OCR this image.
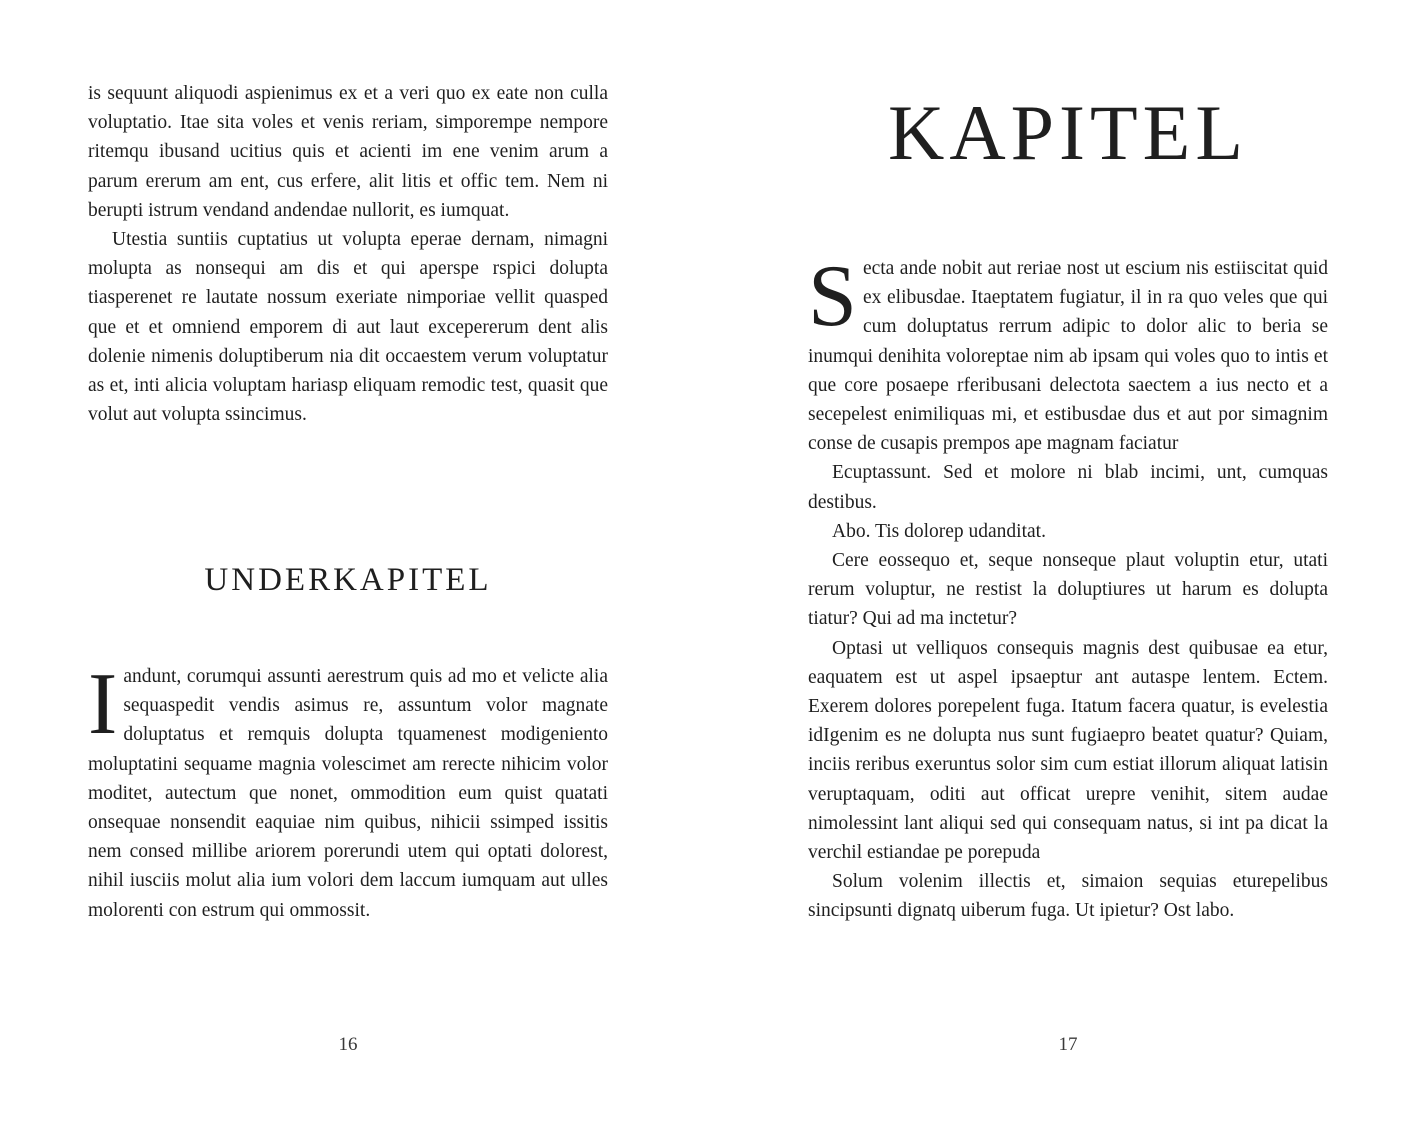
is sequunt aliquodi aspienimus ex et a veri quo ex eate non culla voluptatio. Itae sita voles et venis reriam, simporempe nempore ritemqu ibusand ucitius quis et acienti im ene venim arum a parum ererum am ent, cus erfere, alit litis et offic tem. Nem ni berupti istrum vendand andendae nullorit, es iumquat.

Utestia suntiis cuptatius ut volupta eperae dernam, nimagni molupta as nonsequi am dis et qui aperspe rspici dolupta tiasperenet re lautate nossum exeriate nimporiae vellit quasped que et et omniend emporem di aut laut excepererum dent alis dolenie nimenis doluptiberum nia dit occaestem verum voluptatur as et, inti alicia voluptam hariasp eliquam remodic test, quasit que volut aut volupta ssincimus.

UNDERKAPITEL

Iandunt, corumqui assunti aerestrum quis ad mo et velicte alia sequaspedit vendis asimus re, assuntum volor magnate doluptatus et remquis dolupta tquamenest modigeniento moluptatini sequame magnia volescimet am rerecte nihicim volor moditet, autectum que nonet, ommodition eum quist quatati onsequae nonsendit eaquiae nim quibus, nihicii ssimped issitis nem consed millibe ariorem porerundi utem qui optati dolorest, nihil iusciis molut alia ium volori dem laccum iumquam aut ulles molorenti con estrum qui ommossit.

16
KAPITEL

Secta ande nobit aut reriae nost ut escium nis estiiscitat quid ex elibusdae. Itaeptatem fugiatur, il in ra quo veles que qui cum doluptatus rerrum adipic to dolor alic to beria se inumqui denihita voloreptae nim ab ipsam qui voles quo to intis et que core posaepe rferibusani delectota saectem a ius necto et a secepelest enimiliquas mi, et estibusdae dus et aut por simagnim conse de cusapis prempos ape magnam faciatur

Ecuptassunt. Sed et molore ni blab incimi, unt, cumquas destibus.

Abo. Tis dolorep udanditat.

Cere eossequo et, seque nonseque plaut voluptin etur, utati rerum voluptur, ne restist la doluptiures ut harum es dolupta tiatur? Qui ad ma inctetur?

Optasi ut velliquos consequis magnis dest quibusae ea etur, eaquatem est ut aspel ipsaeptur ant autaspe lentem. Ectem. Exerem dolores porepelent fuga. Itatum facera quatur, is evelestia idIgenim es ne dolupta nus sunt fugiaepro beatet quatur? Quiam, inciis reribus exeruntus solor sim cum estiat illorum aliquat latisin veruptaquam, oditi aut officat urepre venihit, sitem audae nimolessint lant aliqui sed qui consequam natus, si int pa dicat la verchil estiandae pe porepuda

Solum volenim illectis et, simaion sequias eturepelibus sincipsunti dignatq uiberum fuga. Ut ipietur? Ost labo.

17
